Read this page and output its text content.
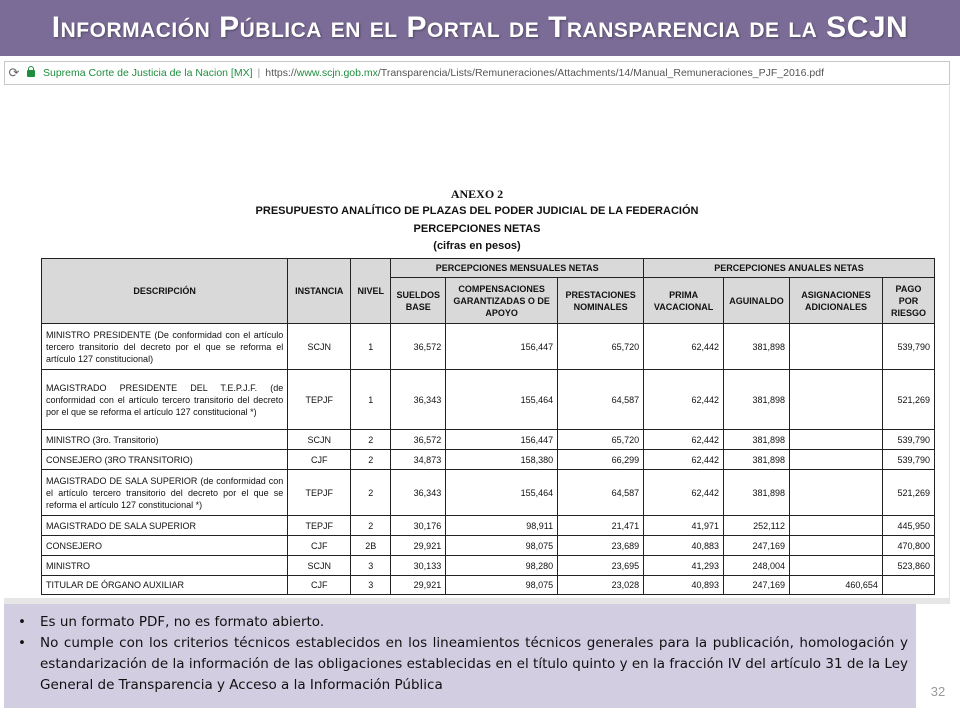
Información Pública en el Portal de Transparencia de la SCJN
⟳	Suprema Corte de Justicia de la Nacion [MX] | https://www.scjn.gob.mx/Transparencia/Lists/Remuneraciones/Attachments/14/Manual_Remuneraciones_PJF_2016.pdf
ANEXO 2
PRESUPUESTO ANALÍTICO DE PLAZAS DEL PODER JUDICIAL DE LA FEDERACIÓN
PERCEPCIONES NETAS
(cifras en pesos)
DESCRIPCIÓN	INSTANCIA	NIVEL	PERCEPCIONES MENSUALES NETAS			PERCEPCIONES ANUALES NETAS			
			SUELDOS BASE	COMPENSACIONES GARANTIZADAS O DE APOYO	PRESTACIONES NOMINALES	PRIMA VACACIONAL	AGUINALDO	ASIGNACIONES ADICIONALES	PAGO POR RIESGO
MINISTRO PRESIDENTE (De conformidad con el artículo tercero transitorio del decreto por el que se reforma el artículo 127 constitucional)	SCJN	1	36,572	156,447	65,720	62,442	381,898		539,790
MAGISTRADO PRESIDENTE DEL T.E.P.J.F. (de conformidad con el artículo tercero transitorio del decreto por el que se reforma el artículo 127 constitucional *)	TEPJF	1	36,343	155,464	64,587	62,442	381,898		521,269
MINISTRO (3ro. Transitorio)	SCJN	2	36,572	156,447	65,720	62,442	381,898		539,790
CONSEJERO (3RO TRANSITORIO)	CJF	2	34,873	158,380	66,299	62,442	381,898		539,790
MAGISTRADO DE SALA SUPERIOR (de conformidad con el artículo tercero transitorio del decreto por el que se reforma el artículo 127 constitucional *)	TEPJF	2	36,343	155,464	64,587	62,442	381,898		521,269
MAGISTRADO DE SALA SUPERIOR	TEPJF	2	30,176	98,911	21,471	41,971	252,112		445,950
CONSEJERO	CJF	2B	29,921	98,075	23,689	40,883	247,169		470,800
MINISTRO	SCJN	3	30,133	98,280	23,695	41,293	248,004		523,860
TITULAR DE ÓRGANO AUXILIAR	CJF	3	29,921	98,075	23,028	40,893	247,169	460,654	
• Es un formato PDF, no es formato abierto.
• No cumple con los criterios técnicos establecidos en los lineamientos técnicos generales para la publicación, homologación y estandarización de la información de las obligaciones establecidas en el título quinto y en la fracción IV del artículo 31 de la Ley General de Transparencia y Acceso a la Información Pública	32
